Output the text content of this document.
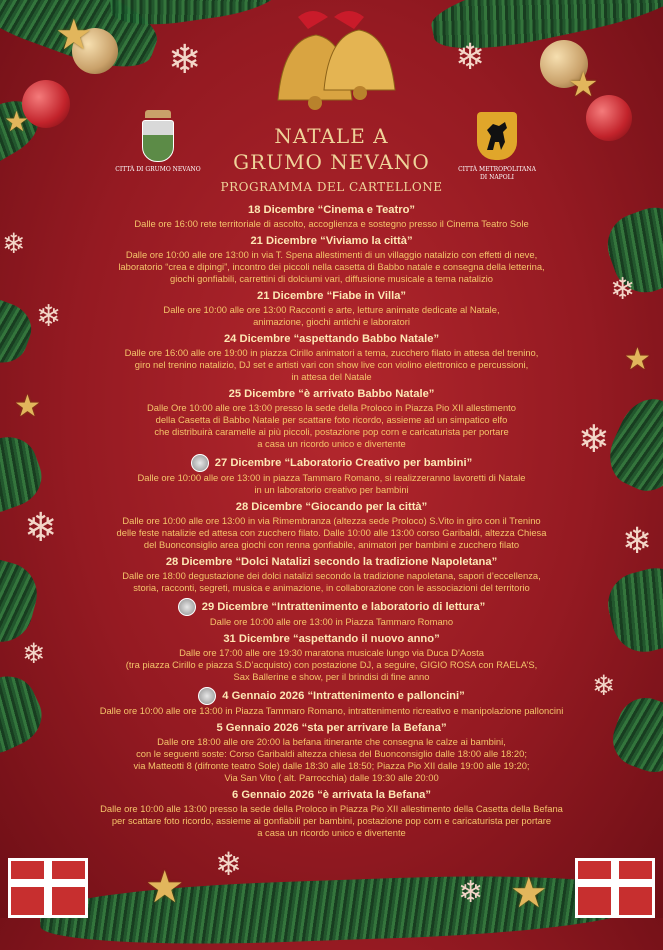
❄	❄
❄
❄
❄
❄
❄	❄
❄
❄
❄
❄
★
★
★
★
★
★	★
CITTÀ DI GRUMO NEVANO	CITTÀ METROPOLITANA
DI NAPOLI
NATALE A
GRUMO NEVANO
PROGRAMMA DEL CARTELLONE
18 Dicembre “Cinema e Teatro”
Dalle ore 16:00 rete territoriale di ascolto, accoglienza e sostegno presso il Cinema Teatro Sole
21 Dicembre “Viviamo la città”
Dalle ore 10:00 alle ore 13:00 in via T. Spena allestimenti di un villaggio natalizio con effetti di neve,
laboratorio “crea e dipingi”, incontro dei piccoli nella casetta di Babbo natale e consegna della letterina,
giochi gonfiabili, carrettini di dolciumi vari, diffusione musicale a tema natalizio
21 Dicembre “Fiabe in Villa”
Dalle ore 10:00 alle ore 13:00 Racconti e arte, letture animate dedicate al Natale,
animazione, giochi antichi e laboratori
24 Dicembre “aspettando Babbo Natale”
Dalle ore 16:00 alle ore 19:00 in piazza Cirillo animatori a tema, zucchero filato in attesa del trenino,
giro nel trenino natalizio, DJ set e artisti vari con show live con violino elettronico e percussioni,
in attesa del Natale
25 Dicembre “è arrivato Babbo Natale”
Dalle Ore 10:00 alle ore 13:00 presso la sede della Proloco in Piazza Pio XII allestimento
della Casetta di Babbo Natale per scattare foto ricordo, assieme ad un simpatico elfo
che distribuirà caramelle ai più piccoli, postazione pop corn e caricaturista per portare
a casa un ricordo unico e divertente
27 Dicembre “Laboratorio Creativo per bambini”
Dalle ore 10:00 alle ore 13:00 in piazza Tammaro Romano, si realizzeranno lavoretti di Natale
in un laboratorio creativo per bambini
28 Dicembre “Giocando per la città”
Dalle ore 10:00 alle ore 13:00 in via Rimembranza (altezza sede Proloco) S.Vito in giro con il Trenino
delle feste natalizie ed attesa con zucchero filato. Dalle 10:00 alle 13:00 corso Garibaldi, altezza Chiesa
del Buonconsiglio area giochi con renna gonfiabile, animatori per bambini e zucchero filato
28 Dicembre “Dolci Natalizi secondo la tradizione Napoletana”
Dalle ore 18:00 degustazione dei dolci natalizi secondo la tradizione napoletana, sapori d’eccellenza,
storia, racconti, segreti, musica e animazione, in collaborazione con le associazioni del territorio
29 Dicembre “Intrattenimento e laboratorio di lettura”
Dalle ore 10:00 alle ore 13:00 in Piazza Tammaro Romano
31 Dicembre “aspettando il nuovo anno”
Dalle ore 17:00 alle ore 19:30 maratona musicale lungo via Duca D’Aosta
(tra piazza Cirillo e piazza S.D’acquisto) con postazione DJ, a seguire, GIGIO ROSA con RAELA’S,
Sax Ballerine e show, per il brindisi di fine anno
4 Gennaio 2026 “Intrattenimento e palloncini”
Dalle ore 10:00 alle ore 13:00 in Piazza Tammaro Romano, intrattenimento ricreativo e manipolazione palloncini
5 Gennaio 2026 “sta per arrivare la Befana”
Dalle ore 18:00 alle ore 20:00 la befana itinerante che consegna le calze ai bambini,
con le seguenti soste: Corso Garibaldi altezza chiesa del Buonconsiglio dalle 18:00 alle 18:20;
via Matteotti 8 (difronte teatro Sole) dalle 18:30 alle 18:50; Piazza Pio XII dalle 19:00 alle 19:20;
Via San Vito ( alt. Parrocchia) dalle 19:30 alle 20:00
6 Gennaio 2026 “è arrivata la Befana”
Dalle ore 10:00 alle 13:00 presso la sede della Proloco in Piazza Pio XII allestimento della Casetta della Befana
per scattare foto ricordo, assieme ai gonfiabili per bambini, postazione pop corn e caricaturista per portare
a casa un ricordo unico e divertente
